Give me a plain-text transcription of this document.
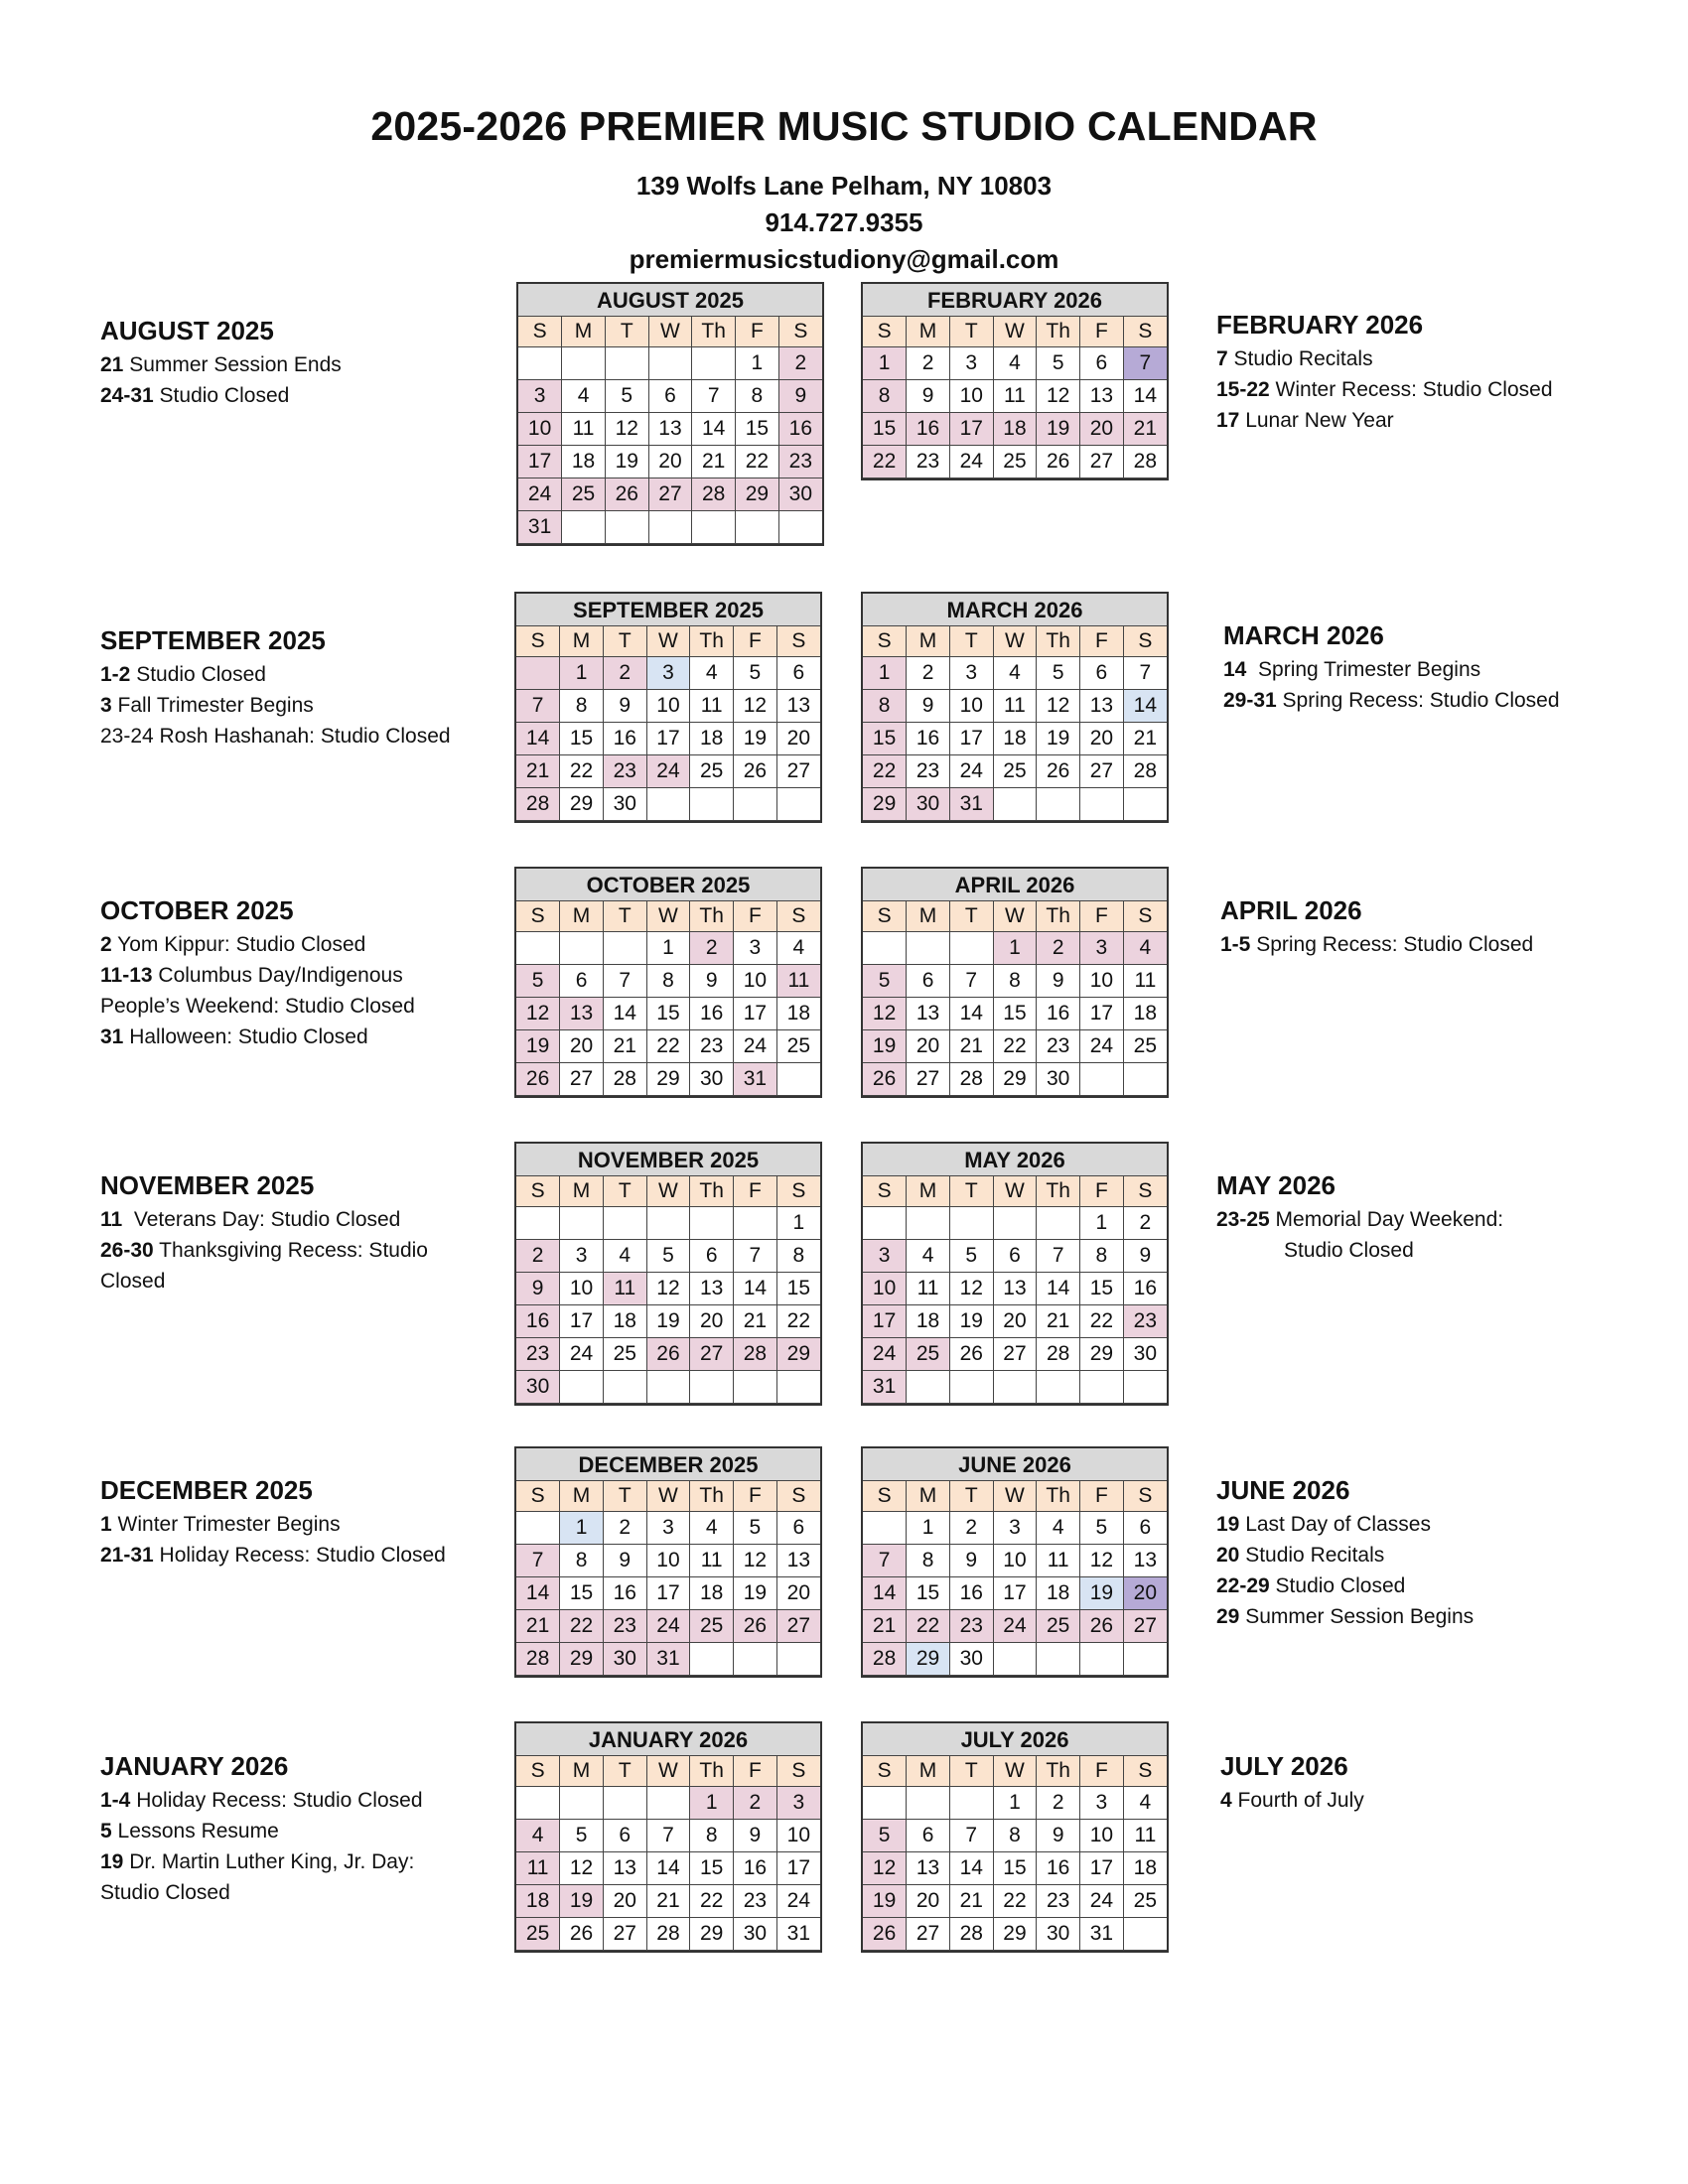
2025-2026 PREMIER MUSIC STUDIO CALENDAR
139 Wolfs Lane Pelham, NY 10803
914.727.9355
premiermusicstudiony@gmail.com
AUGUST 2025
S	M	T	W	Th	F	S
					1	2
3	4	5	6	7	8	9
10	11	12	13	14	15	16
17	18	19	20	21	22	23
24	25	26	27	28	29	30
31						
SEPTEMBER 2025
S	M	T	W	Th	F	S
	1	2	3	4	5	6
7	8	9	10	11	12	13
14	15	16	17	18	19	20
21	22	23	24	25	26	27
28	29	30				
OCTOBER 2025
S	M	T	W	Th	F	S
			1	2	3	4
5	6	7	8	9	10	11
12	13	14	15	16	17	18
19	20	21	22	23	24	25
26	27	28	29	30	31	
NOVEMBER 2025
S	M	T	W	Th	F	S
						1
2	3	4	5	6	7	8
9	10	11	12	13	14	15
16	17	18	19	20	21	22
23	24	25	26	27	28	29
30						
DECEMBER 2025
S	M	T	W	Th	F	S
	1	2	3	4	5	6
7	8	9	10	11	12	13
14	15	16	17	18	19	20
21	22	23	24	25	26	27
28	29	30	31			
JANUARY 2026
S	M	T	W	Th	F	S
				1	2	3
4	5	6	7	8	9	10
11	12	13	14	15	16	17
18	19	20	21	22	23	24
25	26	27	28	29	30	31
FEBRUARY 2026
S	M	T	W	Th	F	S
1	2	3	4	5	6	7
8	9	10	11	12	13	14
15	16	17	18	19	20	21
22	23	24	25	26	27	28
MARCH 2026
S	M	T	W	Th	F	S
1	2	3	4	5	6	7
8	9	10	11	12	13	14
15	16	17	18	19	20	21
22	23	24	25	26	27	28
29	30	31				
APRIL 2026
S	M	T	W	Th	F	S
			1	2	3	4
5	6	7	8	9	10	11
12	13	14	15	16	17	18
19	20	21	22	23	24	25
26	27	28	29	30		
MAY 2026
S	M	T	W	Th	F	S
					1	2
3	4	5	6	7	8	9
10	11	12	13	14	15	16
17	18	19	20	21	22	23
24	25	26	27	28	29	30
31						
JUNE 2026
S	M	T	W	Th	F	S
	1	2	3	4	5	6
7	8	9	10	11	12	13
14	15	16	17	18	19	20
21	22	23	24	25	26	27
28	29	30				
JULY 2026
S	M	T	W	Th	F	S
			1	2	3	4
5	6	7	8	9	10	11
12	13	14	15	16	17	18
19	20	21	22	23	24	25
26	27	28	29	30	31	
AUGUST 2025
21 Summer Session Ends
24-31 Studio Closed
SEPTEMBER 2025
1-2 Studio Closed
3 Fall Trimester Begins
23-24 Rosh Hashanah: Studio Closed
OCTOBER 2025
2 Yom Kippur: Studio Closed
11-13 Columbus Day/Indigenous People’s Weekend: Studio Closed
31 Halloween: Studio Closed
NOVEMBER 2025
11  Veterans Day: Studio Closed
26-30 Thanksgiving Recess: Studio Closed
DECEMBER 2025
1 Winter Trimester Begins
21-31 Holiday Recess: Studio Closed
JANUARY 2026
1-4 Holiday Recess: Studio Closed
5 Lessons Resume
19 Dr. Martin Luther King, Jr. Day: Studio Closed
FEBRUARY 2026
7 Studio Recitals
15-22 Winter Recess: Studio Closed
17 Lunar New Year
MARCH 2026
14  Spring Trimester Begins
29-31 Spring Recess: Studio Closed
APRIL 2026
1-5 Spring Recess: Studio Closed
MAY 2026
23-25 Memorial Day Weekend:
Studio Closed
JUNE 2026
19 Last Day of Classes
20 Studio Recitals
22-29 Studio Closed
29 Summer Session Begins
JULY 2026
4 Fourth of July
